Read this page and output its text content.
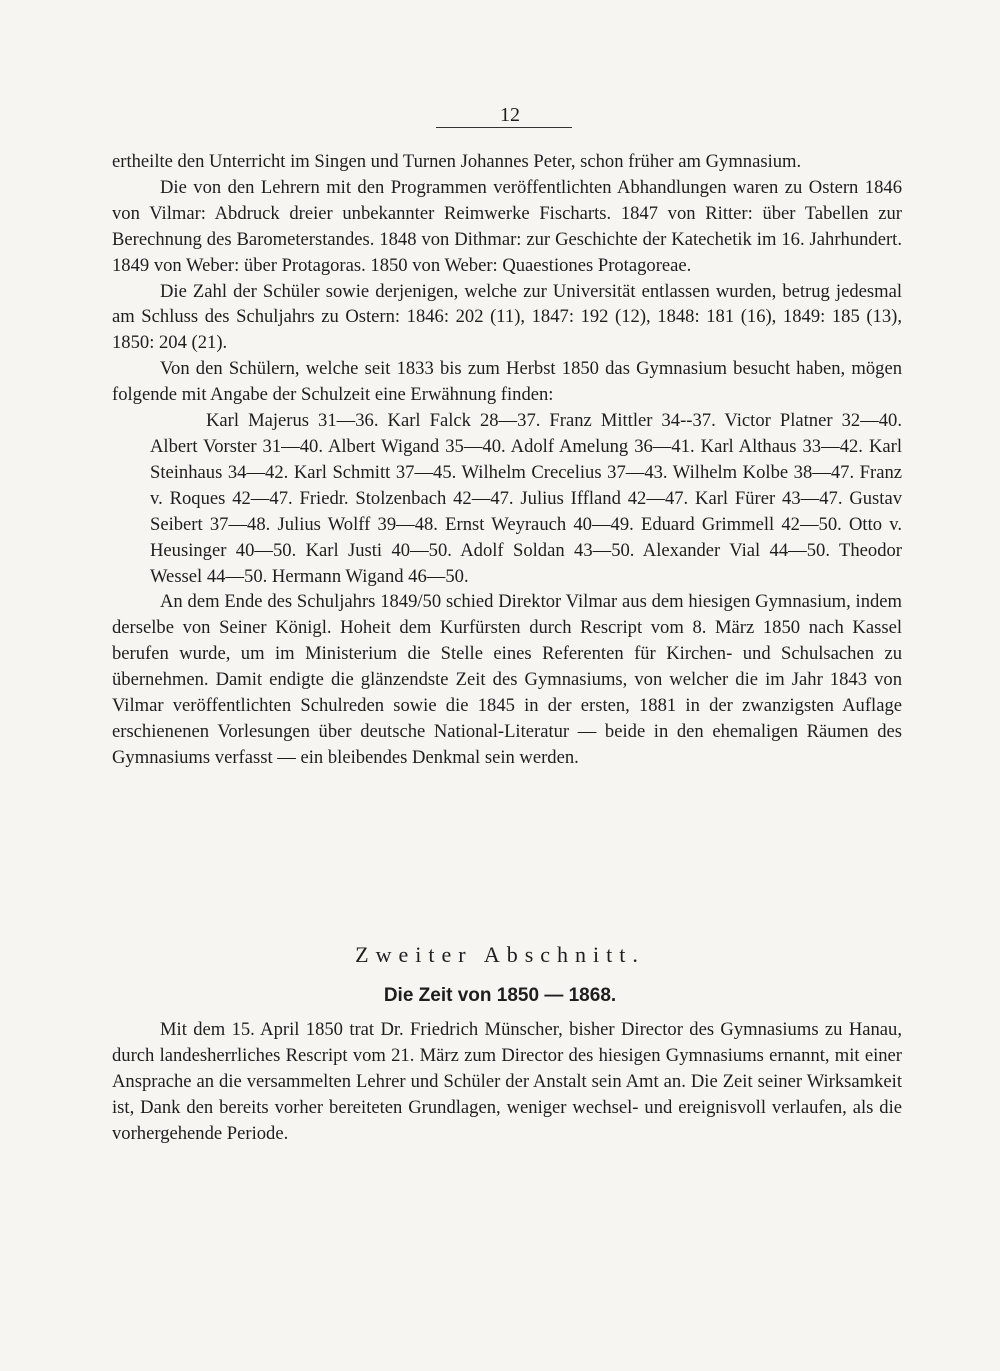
12

ertheilte den Unterricht im Singen und Turnen Johannes Peter, schon früher am Gymnasium.

Die von den Lehrern mit den Programmen veröffentlichten Abhandlungen waren zu Ostern 1846 von Vilmar: Abdruck dreier unbekannter Reimwerke Fischarts. 1847 von Ritter: über Tabellen zur Berechnung des Barometerstandes. 1848 von Dithmar: zur Geschichte der Katechetik im 16. Jahrhundert. 1849 von Weber: über Protagoras. 1850 von Weber: Quaestiones Protagoreae.

Die Zahl der Schüler sowie derjenigen, welche zur Universität entlassen wurden, betrug jedesmal am Schluss des Schuljahrs zu Ostern: 1846: 202 (11), 1847: 192 (12), 1848: 181 (16), 1849: 185 (13), 1850: 204 (21).

Von den Schülern, welche seit 1833 bis zum Herbst 1850 das Gymnasium besucht haben, mögen folgende mit Angabe der Schulzeit eine Erwähnung finden:

Karl Majerus 31—36. Karl Falck 28—37. Franz Mittler 34--37. Victor Platner 32—40. Albert Vorster 31—40. Albert Wigand 35—40. Adolf Amelung 36—41. Karl Althaus 33—42. Karl Steinhaus 34—42. Karl Schmitt 37—45. Wilhelm Crecelius 37—43. Wilhelm Kolbe 38—47. Franz v. Roques 42—47. Friedr. Stolzenbach 42—47. Julius Iffland 42—47. Karl Fürer 43—47. Gustav Seibert 37—48. Julius Wolff 39—48. Ernst Weyrauch 40—49. Eduard Grimmell 42—50. Otto v. Heusinger 40—50. Karl Justi 40—50. Adolf Soldan 43—50. Alexander Vial 44—50. Theodor Wessel 44—50. Hermann Wigand 46—50.

An dem Ende des Schuljahrs 1849/50 schied Direktor Vilmar aus dem hiesigen Gymnasium, indem derselbe von Seiner Königl. Hoheit dem Kurfürsten durch Rescript vom 8. März 1850 nach Kassel berufen wurde, um im Ministerium die Stelle eines Referenten für Kirchen- und Schulsachen zu übernehmen. Damit endigte die glänzendste Zeit des Gymnasiums, von welcher die im Jahr 1843 von Vilmar veröffentlichten Schulreden sowie die 1845 in der ersten, 1881 in der zwanzigsten Auflage erschienenen Vorlesungen über deutsche National-Literatur — beide in den ehemaligen Räumen des Gymnasiums verfasst — ein bleibendes Denkmal sein werden.

Zweiter Abschnitt.
Die Zeit von 1850 — 1868.

Mit dem 15. April 1850 trat Dr. Friedrich Münscher, bisher Director des Gymnasiums zu Hanau, durch landesherrliches Rescript vom 21. März zum Director des hiesigen Gymnasiums ernannt, mit einer Ansprache an die versammelten Lehrer und Schüler der Anstalt sein Amt an. Die Zeit seiner Wirksamkeit ist, Dank den bereits vorher bereiteten Grundlagen, weniger wechsel- und ereignisvoll verlaufen, als die vorhergehende Periode.
